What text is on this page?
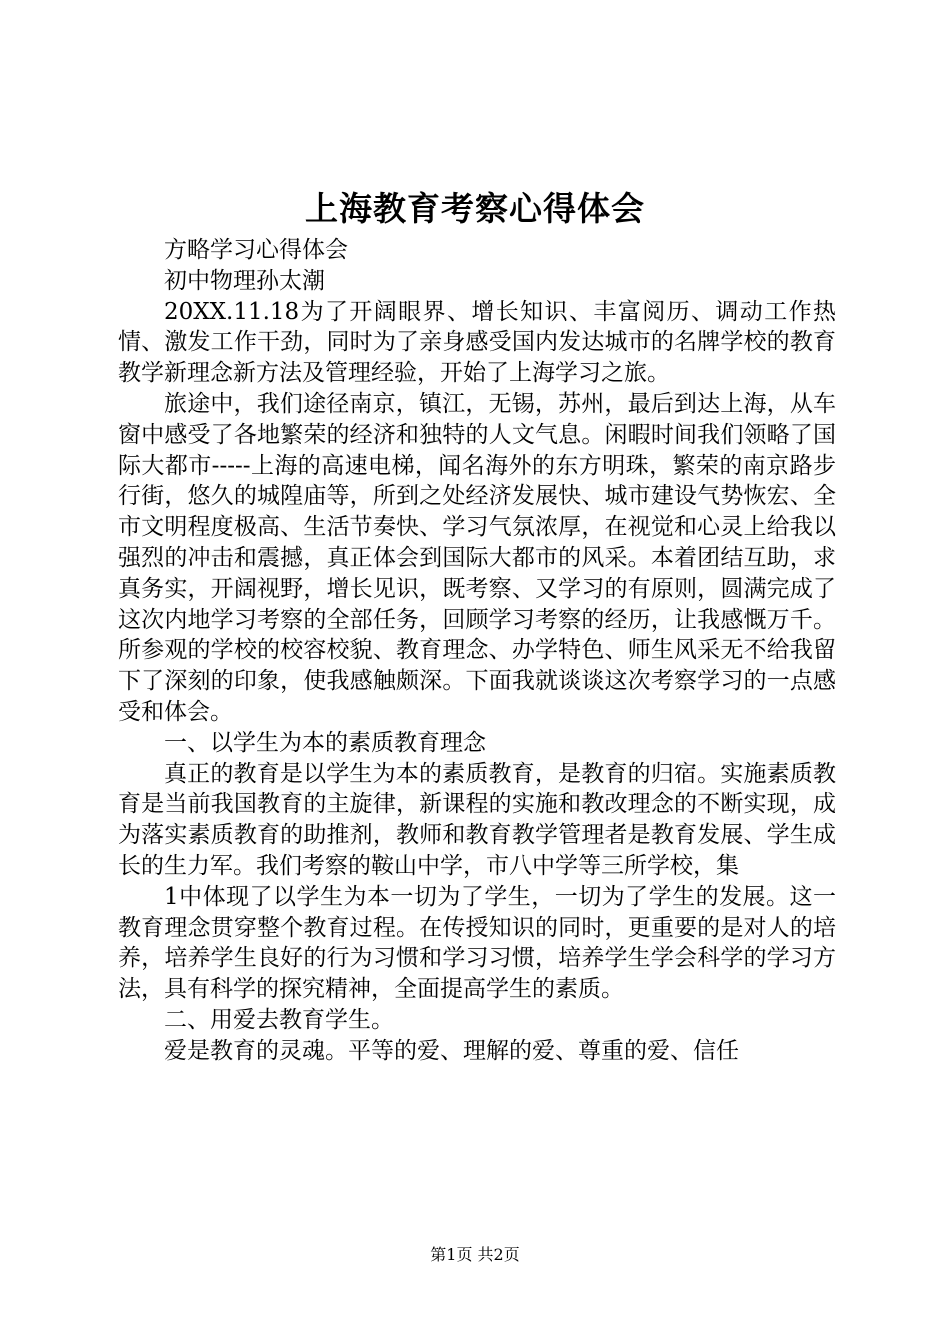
上海教育考察心得体会

方略学习心得体会

初中物理孙太潮

20XX.11.18为了开阔眼界、增长知识、丰富阅历、调动工作热情、激发工作干劲，同时为了亲身感受国内发达城市的名牌学校的教育教学新理念新方法及管理经验，开始了上海学习之旅。

旅途中，我们途径南京，镇江，无锡，苏州，最后到达上海，从车窗中感受了各地繁荣的经济和独特的人文气息。闲暇时间我们领略了国际大都市-----上海的高速电梯，闻名海外的东方明珠，繁荣的南京路步行街，悠久的城隍庙等，所到之处经济发展快、城市建设气势恢宏、全市文明程度极高、生活节奏快、学习气氛浓厚，在视觉和心灵上给我以强烈的冲击和震撼，真正体会到国际大都市的风采。本着团结互助，求真务实，开阔视野，增长见识，既考察、又学习的有原则，圆满完成了这次内地学习考察的全部任务，回顾学习考察的经历，让我感慨万千。所参观的学校的校容校貌、教育理念、办学特色、师生风采无不给我留下了深刻的印象，使我感触颇深。下面我就谈谈这次考察学习的一点感受和体会。

一、以学生为本的素质教育理念

真正的教育是以学生为本的素质教育，是教育的归宿。实施素质教育是当前我国教育的主旋律，新课程的实施和教改理念的不断实现，成为落实素质教育的助推剂，教师和教育教学管理者是教育发展、学生成长的生力军。我们考察的鞍山中学，市八中学等三所学校，集

1中体现了以学生为本一切为了学生，一切为了学生的发展。这一教育理念贯穿整个教育过程。在传授知识的同时，更重要的是对人的培养，培养学生良好的行为习惯和学习习惯，培养学生学会科学的学习方法，具有科学的探究精神，全面提高学生的素质。

二、用爱去教育学生。

爱是教育的灵魂。平等的爱、理解的爱、尊重的爱、信任

第1页 共2页
